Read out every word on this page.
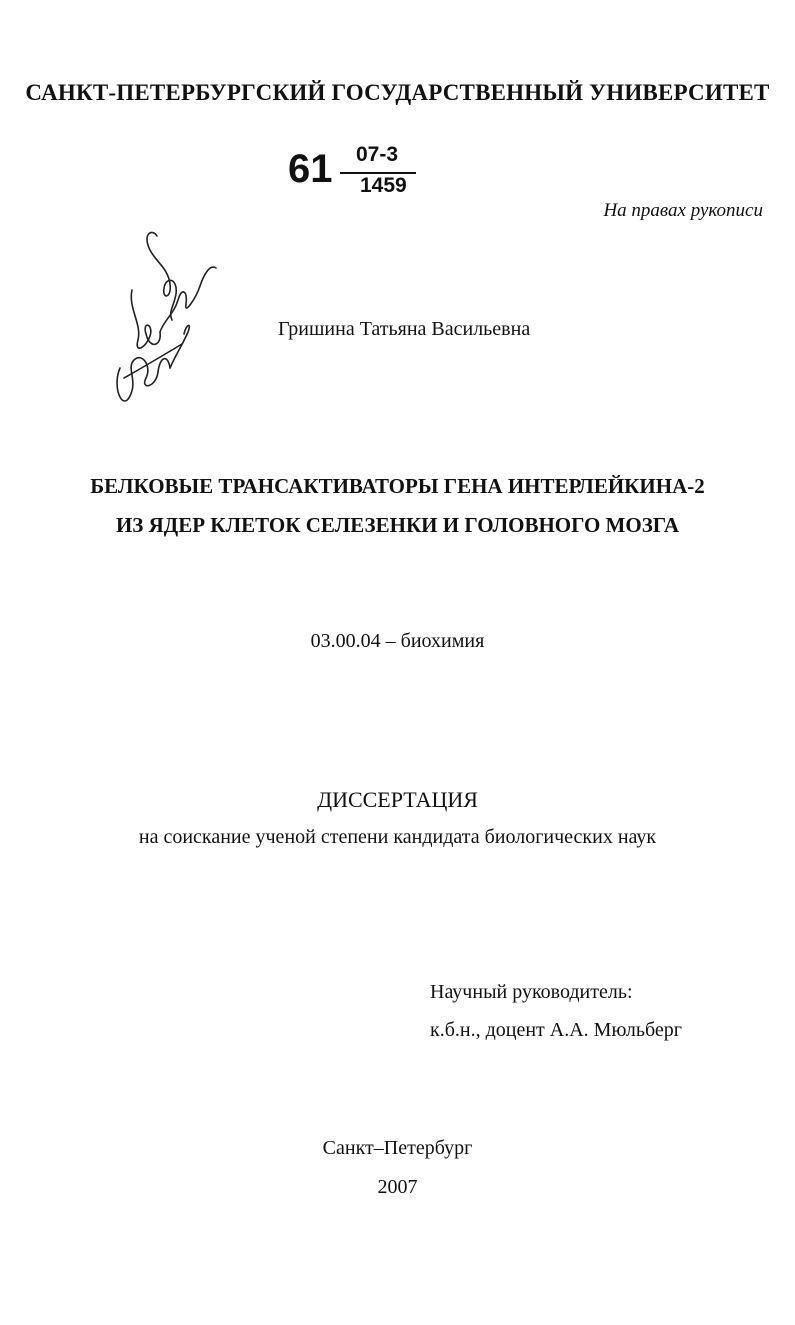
САНКТ-ПЕТЕРБУРГСКИЙ ГОСУДАРСТВЕННЫЙ УНИВЕРСИТЕТ
61 07-3
1459
На правах рукописи
Гришина Татьяна Васильевна
БЕЛКОВЫЕ ТРАНСАКТИВАТОРЫ ГЕНА ИНТЕРЛЕЙКИНА-2
ИЗ ЯДЕР КЛЕТОК СЕЛЕЗЕНКИ И ГОЛОВНОГО МОЗГА
03.00.04 – биохимия
ДИССЕРТАЦИЯ
на соискание ученой степени кандидата биологических наук
Научный руководитель:
к.б.н., доцент А.А. Мюльберг
Санкт–Петербург
2007
